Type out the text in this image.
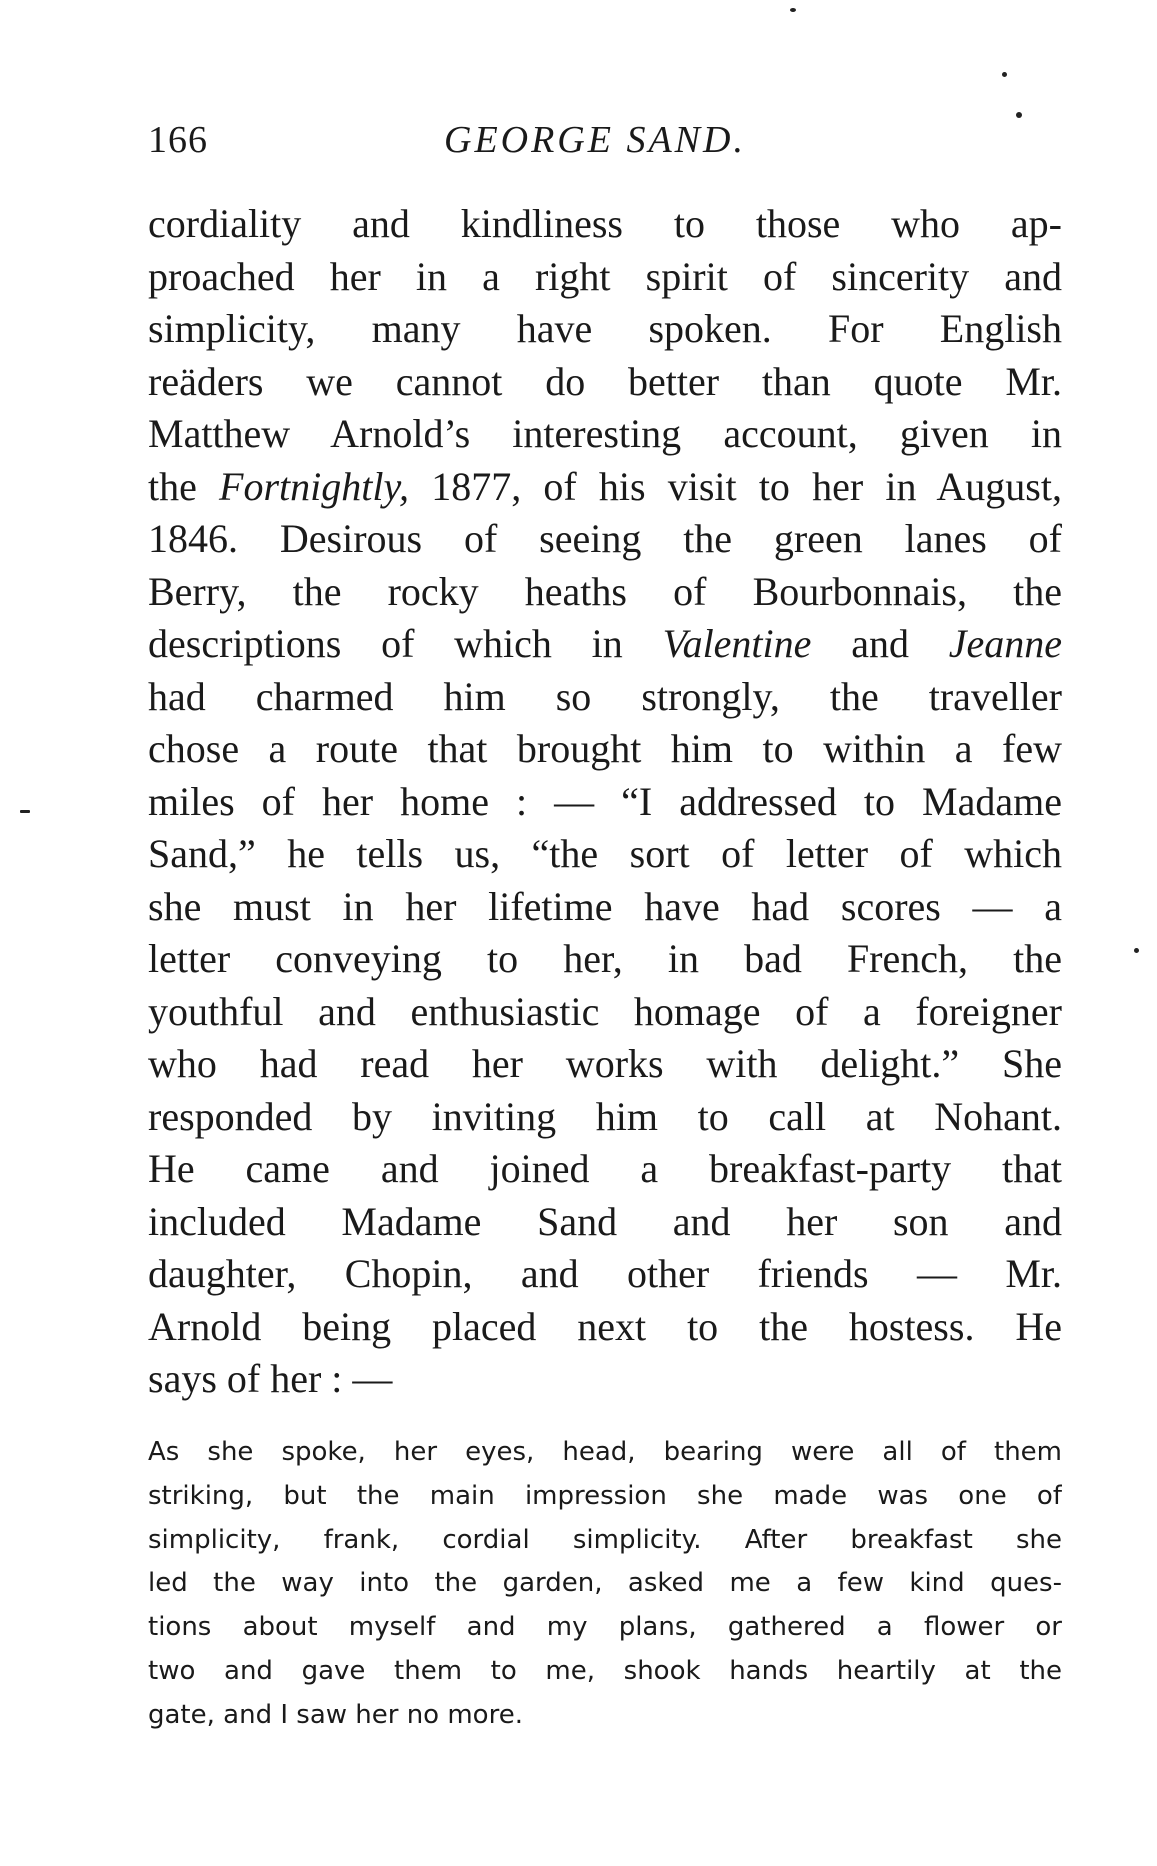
166	GEORGE SAND.
cordiality and kindliness to those who ap-
proached her in a right spirit of sincerity and
simplicity, many have spoken. For English
reäders we cannot do better than quote Mr.
Matthew Arnold’s interesting account, given in
the Fortnightly, 1877, of his visit to her in August,
1846. Desirous of seeing the green lanes of
Berry, the rocky heaths of Bourbonnais, the
descriptions of which in Valentine and Jeanne
had charmed him so strongly, the traveller
chose a route that brought him to within a few
miles of her home : — “I addressed to Madame
Sand,” he tells us, “the sort of letter of which
she must in her lifetime have had scores — a
letter conveying to her, in bad French, the
youthful and enthusiastic homage of a foreigner
who had read her works with delight.” She
responded by inviting him to call at Nohant.
He came and joined a breakfast-party that
included Madame Sand and her son and
daughter, Chopin, and other friends — Mr.
Arnold being placed next to the hostess. He
says of her : —
As she spoke, her eyes, head, bearing were all of them
striking, but the main impression she made was one of
simplicity, frank, cordial simplicity. After breakfast she
led the way into the garden, asked me a few kind ques-
tions about myself and my plans, gathered a flower or
two and gave them to me, shook hands heartily at the
gate, and I saw her no more.
